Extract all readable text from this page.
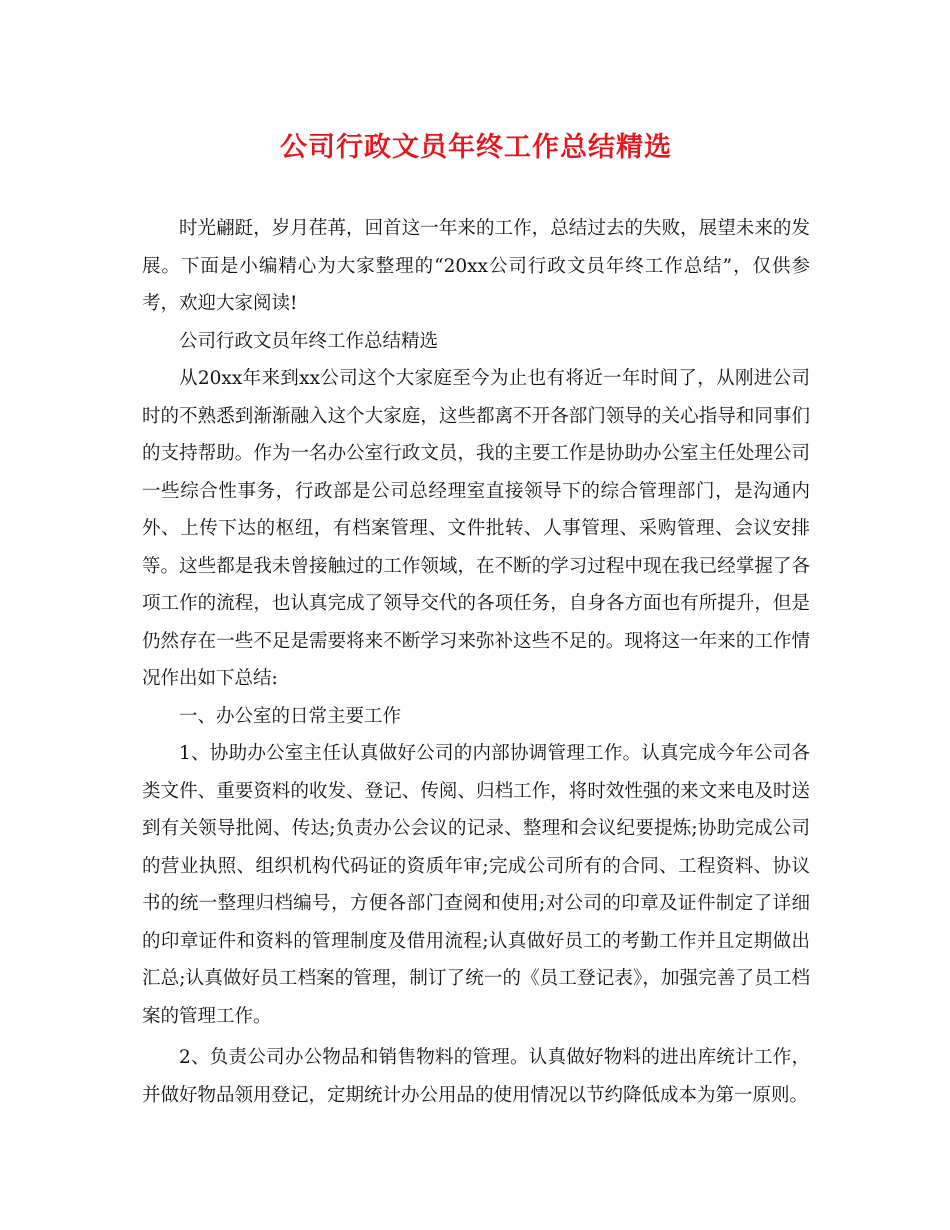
公司行政文员年终工作总结精选

时光翩跹，岁月荏苒，回首这一年来的工作，总结过去的失败，展望未来的发展。下面是小编精心为大家整理的“20xx公司行政文员年终工作总结”，仅供参考，欢迎大家阅读!

公司行政文员年终工作总结精选

从20xx年来到xx公司这个大家庭至今为止也有将近一年时间了，从刚进公司时的不熟悉到渐渐融入这个大家庭，这些都离不开各部门领导的关心指导和同事们的支持帮助。作为一名办公室行政文员，我的主要工作是协助办公室主任处理公司一些综合性事务，行政部是公司总经理室直接领导下的综合管理部门，是沟通内外、上传下达的枢纽，有档案管理、文件批转、人事管理、采购管理、会议安排等。这些都是我未曾接触过的工作领域，在不断的学习过程中现在我已经掌握了各项工作的流程，也认真完成了领导交代的各项任务，自身各方面也有所提升，但是仍然存在一些不足是需要将来不断学习来弥补这些不足的。现将这一年来的工作情况作出如下总结:

一、办公室的日常主要工作

1、协助办公室主任认真做好公司的内部协调管理工作。认真完成今年公司各类文件、重要资料的收发、登记、传阅、归档工作，将时效性强的来文来电及时送到有关领导批阅、传达;负责办公会议的记录、整理和会议纪要提炼;协助完成公司的营业执照、组织机构代码证的资质年审;完成公司所有的合同、工程资料、协议书的统一整理归档编号，方便各部门查阅和使用;对公司的印章及证件制定了详细的印章证件和资料的管理制度及借用流程;认真做好员工的考勤工作并且定期做出汇总;认真做好员工档案的管理，制订了统一的《员工登记表》，加强完善了员工档案的管理工作。

2、负责公司办公物品和销售物料的管理。认真做好物料的进出库统计工作，并做好物品领用登记，定期统计办公用品的使用情况以节约降低成本为第一原则。
